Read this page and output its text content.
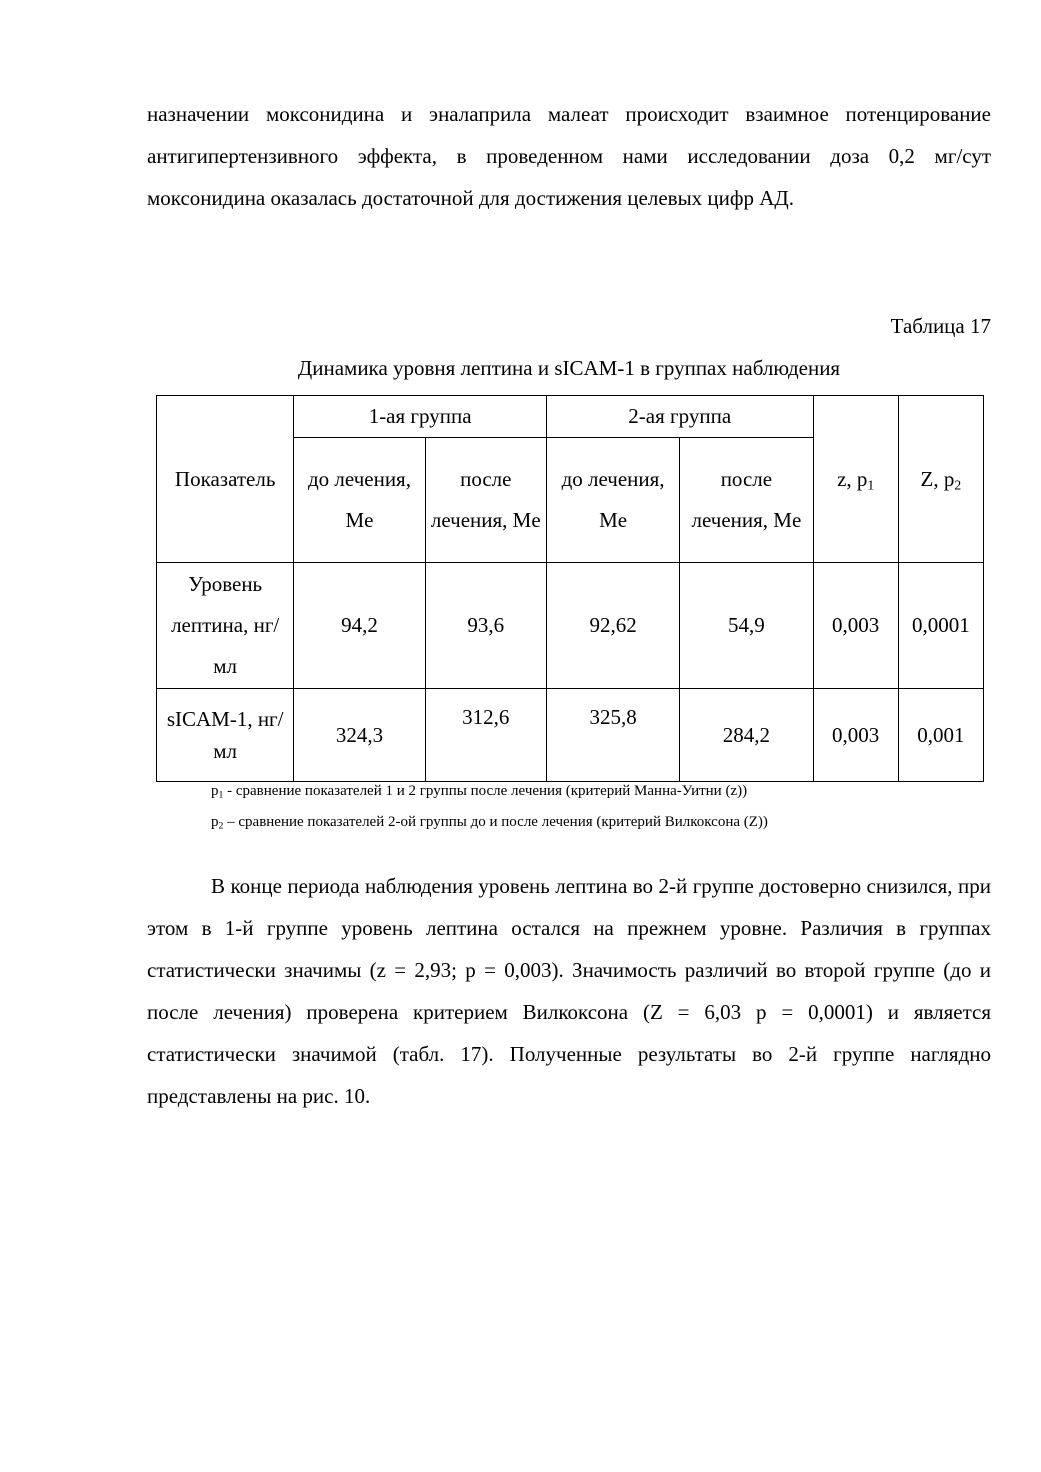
назначении моксонидина и эналаприла малеат происходит взаимное потенцирование антигипертензивного эффекта, в проведенном нами исследовании доза 0,2 мг/сут моксонидина оказалась достаточной для достижения целевых цифр АД.

Таблица 17

Динамика уровня лептина и sICAM-1 в группах наблюдения

Показатель	1-ая группа		2-ая группа		z, $p_1$	Z, $p_2$
	до лечения, Me	после лечения, Me	до лечения, Me	после лечения, Me		
Уровень лептина, нг/мл	94,2	93,6	92,62	54,9	0,003	0,0001
sICAM-1, нг/мл	324,3	312,6	325,8	284,2	0,003	0,001

$p_1$ - сравнение показателей 1 и 2 группы после лечения (критерий Манна-Уитни (z))

$p_2$ – сравнение показателей 2-ой группы до и после лечения (критерий Вилкоксона (Z))

В конце периода наблюдения уровень лептина во 2-й группе достоверно снизился, при этом в 1-й группе уровень лептина остался на прежнем уровне. Различия в группах статистически значимы (z = 2,93; p = 0,003). Значимость различий во второй группе (до и после лечения) проверена критерием Вилкоксона (Z = 6,03 p = 0,0001) и является статистически значимой (табл. 17). Полученные результаты во 2-й группе наглядно представлены на рис. 10.
